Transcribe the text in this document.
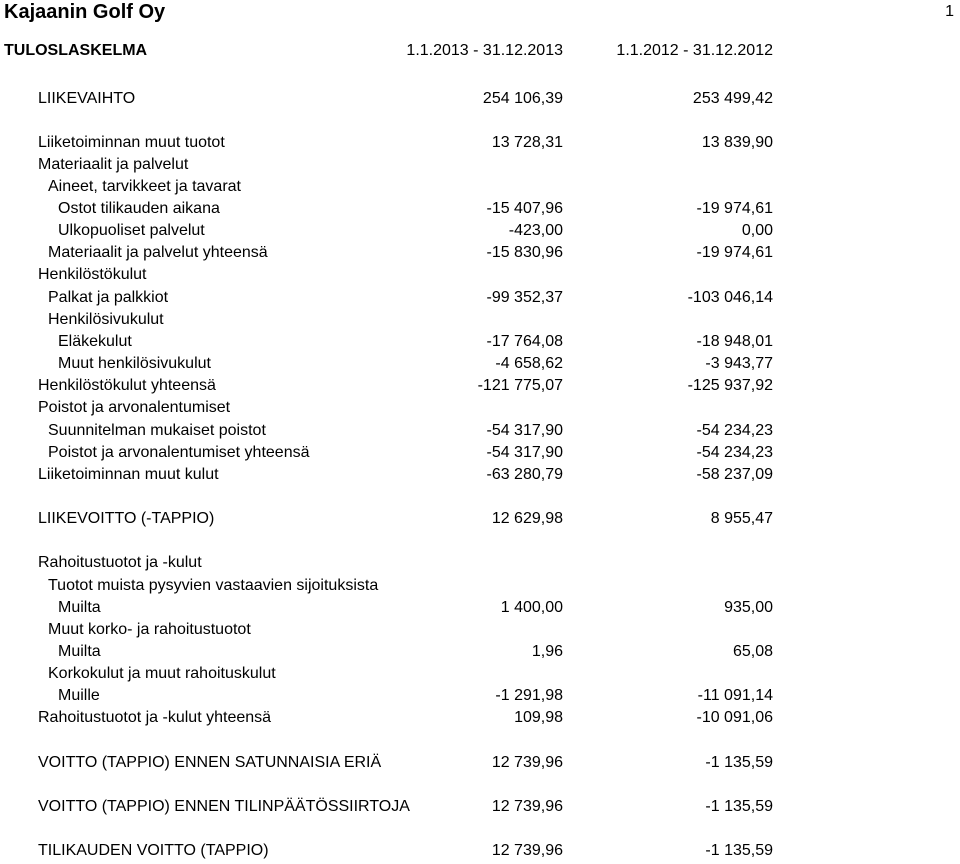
Kajaanin Golf Oy	1
TULOSLASKELMA	1.1.2013 - 31.12.2013	1.1.2012 - 31.12.2012
LIIKEVAIHTO	254 106,39	253 499,42
Liiketoiminnan muut tuotot	13 728,31	13 839,90
Materiaalit ja palvelut
Aineet, tarvikkeet ja tavarat
Ostot tilikauden aikana	-15 407,96	-19 974,61
Ulkopuoliset palvelut	-423,00	0,00
Materiaalit ja palvelut yhteensä	-15 830,96	-19 974,61
Henkilöstökulut
Palkat ja palkkiot	-99 352,37	-103 046,14
Henkilösivukulut
Eläkekulut	-17 764,08	-18 948,01
Muut henkilösivukulut	-4 658,62	-3 943,77
Henkilöstökulut yhteensä	-121 775,07	-125 937,92
Poistot ja arvonalentumiset
Suunnitelman mukaiset poistot	-54 317,90	-54 234,23
Poistot ja arvonalentumiset yhteensä	-54 317,90	-54 234,23
Liiketoiminnan muut kulut	-63 280,79	-58 237,09
LIIKEVOITTO (-TAPPIO)	12 629,98	8 955,47
Rahoitustuotot ja -kulut
Tuotot muista pysyvien vastaavien sijoituksista
Muilta	1 400,00	935,00
Muut korko- ja rahoitustuotot
Muilta	1,96	65,08
Korkokulut ja muut rahoituskulut
Muille	-1 291,98	-11 091,14
Rahoitustuotot ja -kulut yhteensä	109,98	-10 091,06
VOITTO (TAPPIO) ENNEN SATUNNAISIA ERIÄ	12 739,96	-1 135,59
VOITTO (TAPPIO) ENNEN TILINPÄÄTÖSSIIRTOJA	12 739,96	-1 135,59
TILIKAUDEN VOITTO (TAPPIO)	12 739,96	-1 135,59
